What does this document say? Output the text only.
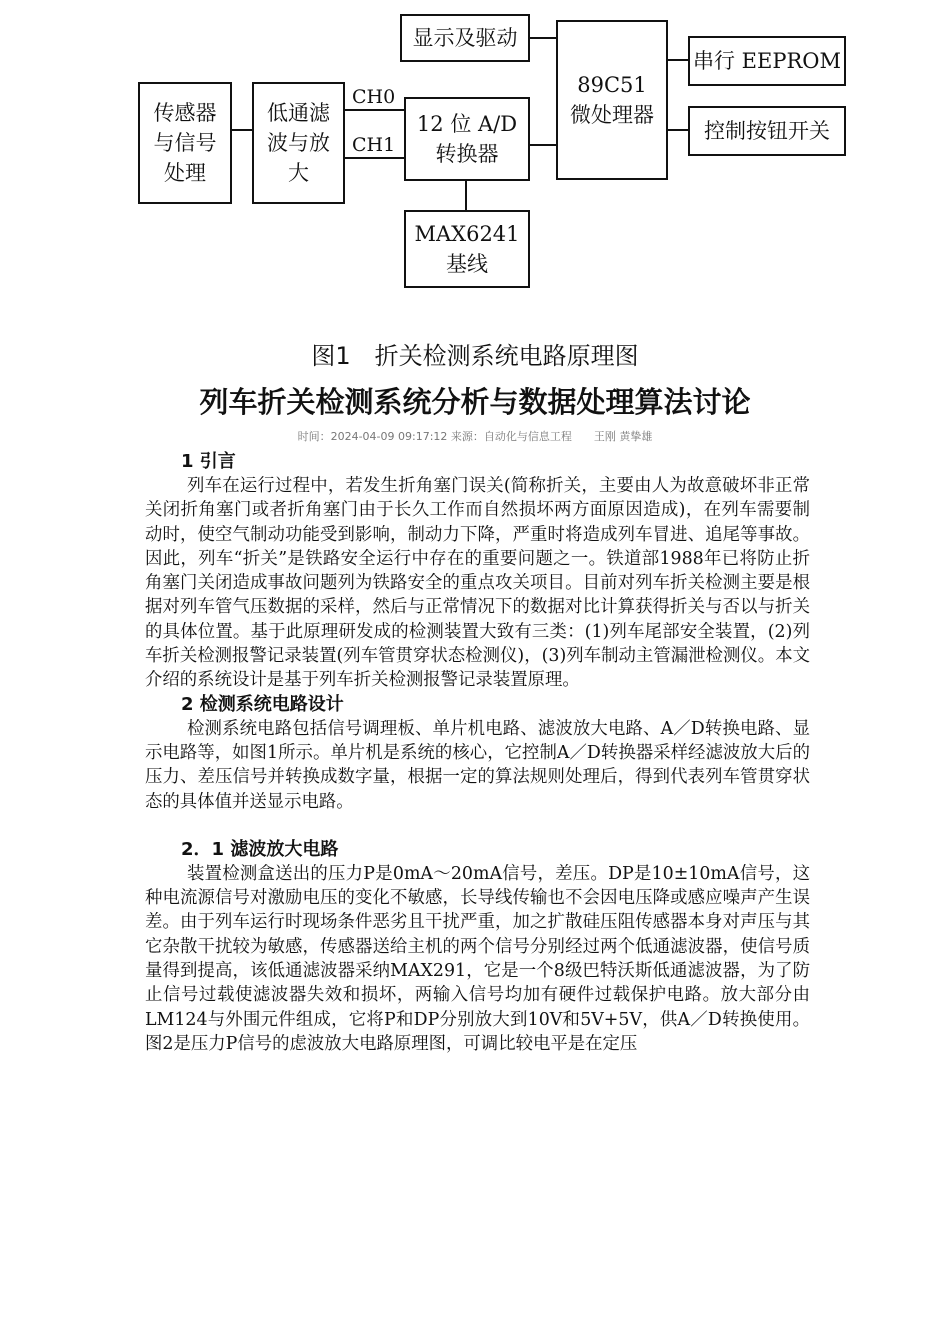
传感器
与信号
处理
低通滤
波与放
大
12 位 A/D
转换器
MAX6241
基线
显示及驱动
89C51
微处理器
串行 EEPROM
控制按钮开关
CH0
CH1
图1　折关检测系统电路原理图
列车折关检测系统分析与数据处理算法讨论
时间：2024-04-09 09:17:12 来源：自动化与信息工程　　王刚 黄挚雄
1 引言

列车在运行过程中，若发生折角塞门误关(简称折关，主要由人为故意破坏非正常关闭折角塞门或者折角塞门由于长久工作而自然损坏两方面原因造成)，在列车需要制动时，使空气制动功能受到影响，制动力下降，严重时将造成列车冒进、追尾等事故。因此，列车“折关”是铁路安全运行中存在的重要问题之一。铁道部1988年已将防止折角塞门关闭造成事故问题列为铁路安全的重点攻关项目。目前对列车折关检测主要是根据对列车管气压数据的采样，然后与正常情况下的数据对比计算获得折关与否以与折关的具体位置。基于此原理研发成的检测装置大致有三类：(1)列车尾部安全装置，(2)列车折关检测报警记录装置(列车管贯穿状态检测仪)，(3)列车制动主管漏泄检测仪。本文介绍的系统设计是基于列车折关检测报警记录装置原理。

2 检测系统电路设计

检测系统电路包括信号调理板、单片机电路、滤波放大电路、A／D转换电路、显示电路等，如图1所示。单片机是系统的核心，它控制A／D转换器采样经滤波放大后的压力、差压信号并转换成数字量，根据一定的算法规则处理后，得到代表列车管贯穿状态的具体值并送显示电路。

2．1 滤波放大电路

装置检测盒送出的压力P是0mA～20mA信号，差压。DP是10±10mA信号，这种电流源信号对激励电压的变化不敏感，长导线传输也不会因电压降或感应噪声产生误差。由于列车运行时现场条件恶劣且干扰严重，加之扩散硅压阻传感器本身对声压与其它杂散干扰较为敏感，传感器送给主机的两个信号分别经过两个低通滤波器，使信号质量得到提高，该低通滤波器采纳MAX291，它是一个8级巴特沃斯低通滤波器，为了防止信号过载使滤波器失效和损坏，两输入信号均加有硬件过载保护电路。放大部分由LM124与外围元件组成，它将P和DP分别放大到10V和5V+5V，供A／D转换使用。图2是压力P信号的虑波放大电路原理图，可调比较电平是在定压
